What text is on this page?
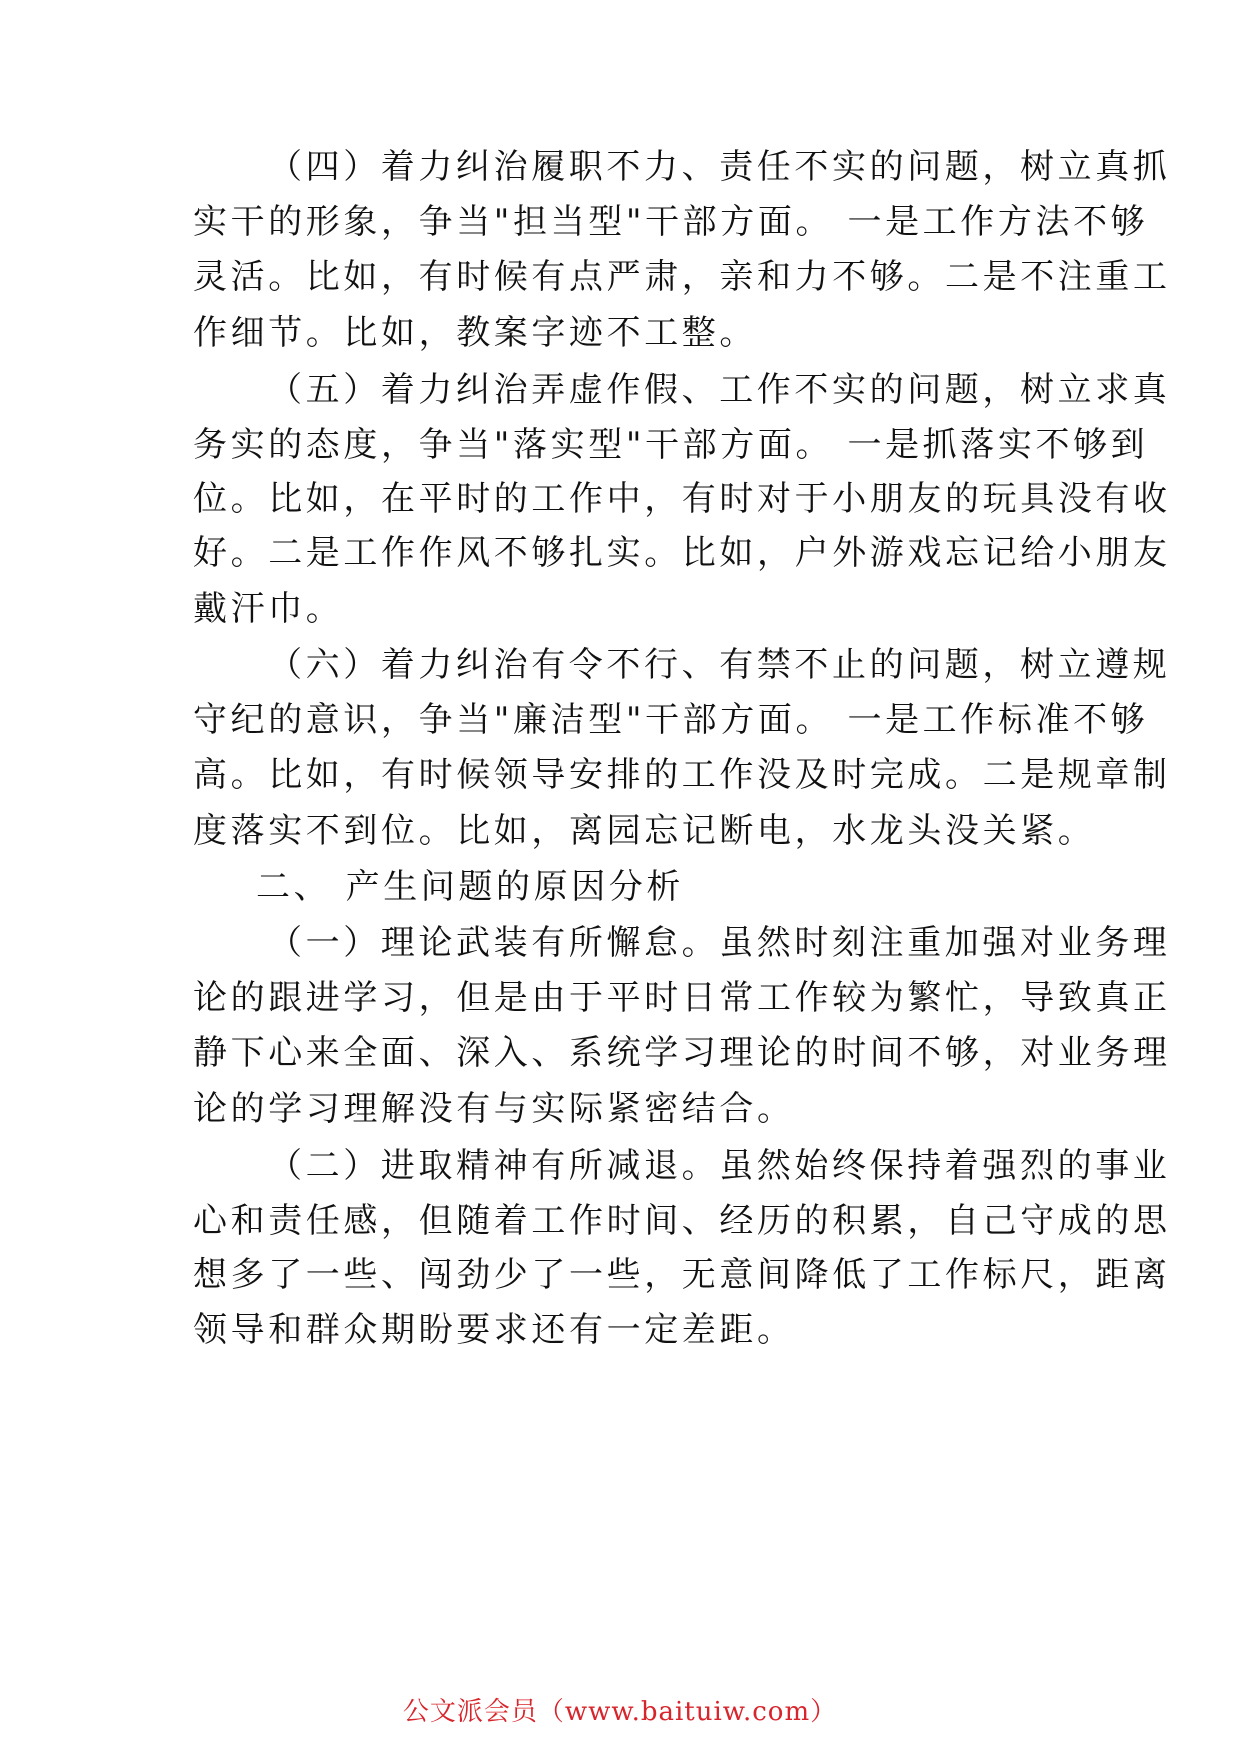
（四）着力纠治履职不力、责任不实的问题，树立真抓
实干的形象，争当"担当型"干部方面。 一是工作方法不够
灵活。比如，有时候有点严肃，亲和力不够。二是不注重工
作细节。比如，教案字迹不工整。
（五）着力纠治弄虚作假、工作不实的问题，树立求真
务实的态度，争当"落实型"干部方面。 一是抓落实不够到
位。比如，在平时的工作中，有时对于小朋友的玩具没有收
好。二是工作作风不够扎实。比如，户外游戏忘记给小朋友
戴汗巾。
（六）着力纠治有令不行、有禁不止的问题，树立遵规
守纪的意识，争当"廉洁型"干部方面。 一是工作标准不够
高。比如，有时候领导安排的工作没及时完成。二是规章制
度落实不到位。比如，离园忘记断电，水龙头没关紧。
二、 产生问题的原因分析
（一）理论武装有所懈怠。虽然时刻注重加强对业务理
论的跟进学习，但是由于平时日常工作较为繁忙，导致真正
静下心来全面、深入、系统学习理论的时间不够，对业务理
论的学习理解没有与实际紧密结合。
（二）进取精神有所减退。虽然始终保持着强烈的事业
心和责任感，但随着工作时间、经历的积累，自己守成的思
想多了一些、闯劲少了一些，无意间降低了工作标尺，距离
领导和群众期盼要求还有一定差距。
公文派会员（www.baituiw.com）
